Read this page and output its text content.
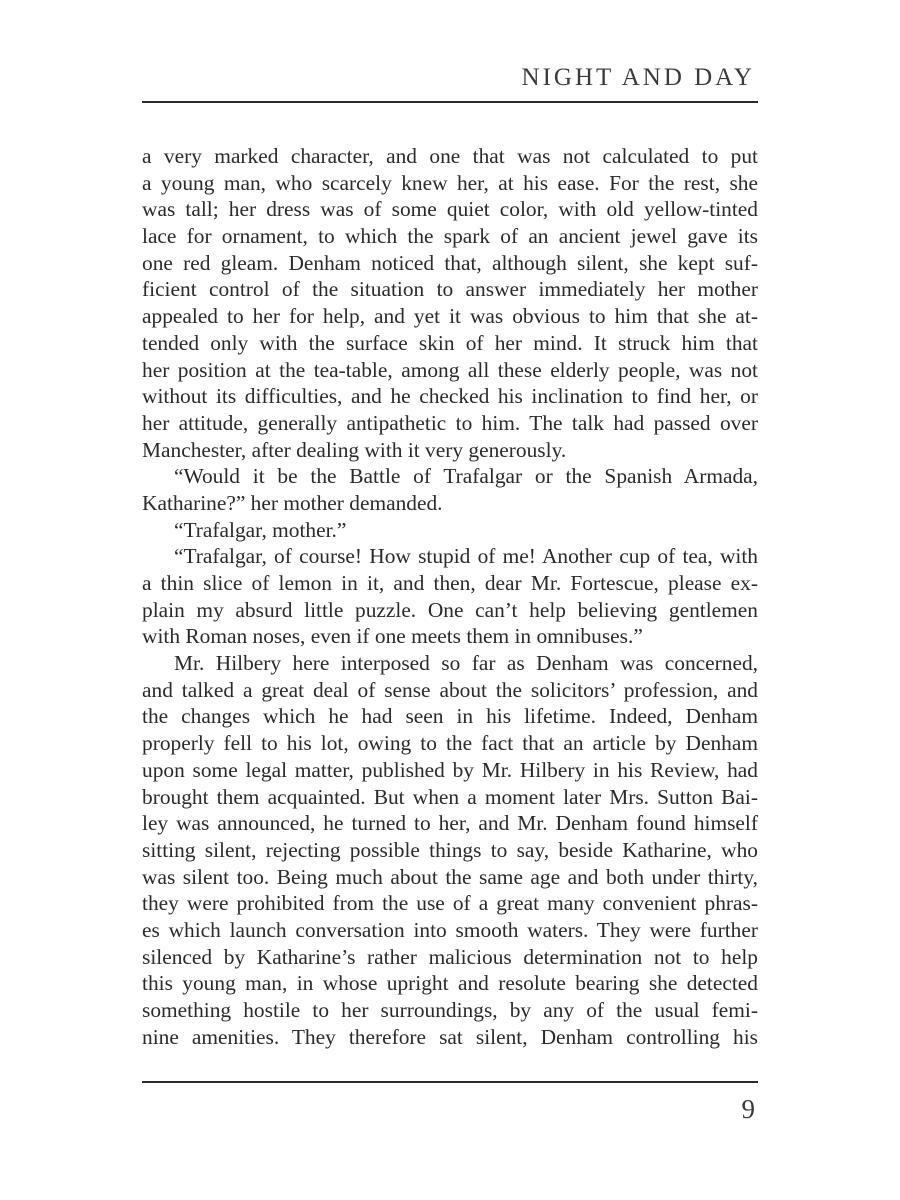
NIGHT AND DAY
a very marked character, and one that was not calculated to put
a young man, who scarcely knew her, at his ease. For the rest, she
was tall; her dress was of some quiet color, with old yellow-tinted
lace for ornament, to which the spark of an ancient jewel gave its
one red gleam. Denham noticed that, although silent, she kept suf-
ficient control of the situation to answer immediately her mother
appealed to her for help, and yet it was obvious to him that she at-
tended only with the surface skin of her mind. It struck him that
her position at the tea-table, among all these elderly people, was not
without its difficulties, and he checked his inclination to find her, or
her attitude, generally antipathetic to him. The talk had passed over
Manchester, after dealing with it very generously.
“Would it be the Battle of Trafalgar or the Spanish Armada,
Katharine?” her mother demanded.
“Trafalgar, mother.”
“Trafalgar, of course! How stupid of me! Another cup of tea, with
a thin slice of lemon in it, and then, dear Mr. Fortescue, please ex-
plain my absurd little puzzle. One can’t help believing gentlemen
with Roman noses, even if one meets them in omnibuses.”
Mr. Hilbery here interposed so far as Denham was concerned,
and talked a great deal of sense about the solicitors’ profession, and
the changes which he had seen in his lifetime. Indeed, Denham
properly fell to his lot, owing to the fact that an article by Denham
upon some legal matter, published by Mr. Hilbery in his Review, had
brought them acquainted. But when a moment later Mrs. Sutton Bai-
ley was announced, he turned to her, and Mr. Denham found himself
sitting silent, rejecting possible things to say, beside Katharine, who
was silent too. Being much about the same age and both under thirty,
they were prohibited from the use of a great many convenient phras-
es which launch conversation into smooth waters. They were further
silenced by Katharine’s rather malicious determination not to help
this young man, in whose upright and resolute bearing she detected
something hostile to her surroundings, by any of the usual femi-
nine amenities. They therefore sat silent, Denham controlling his
9
